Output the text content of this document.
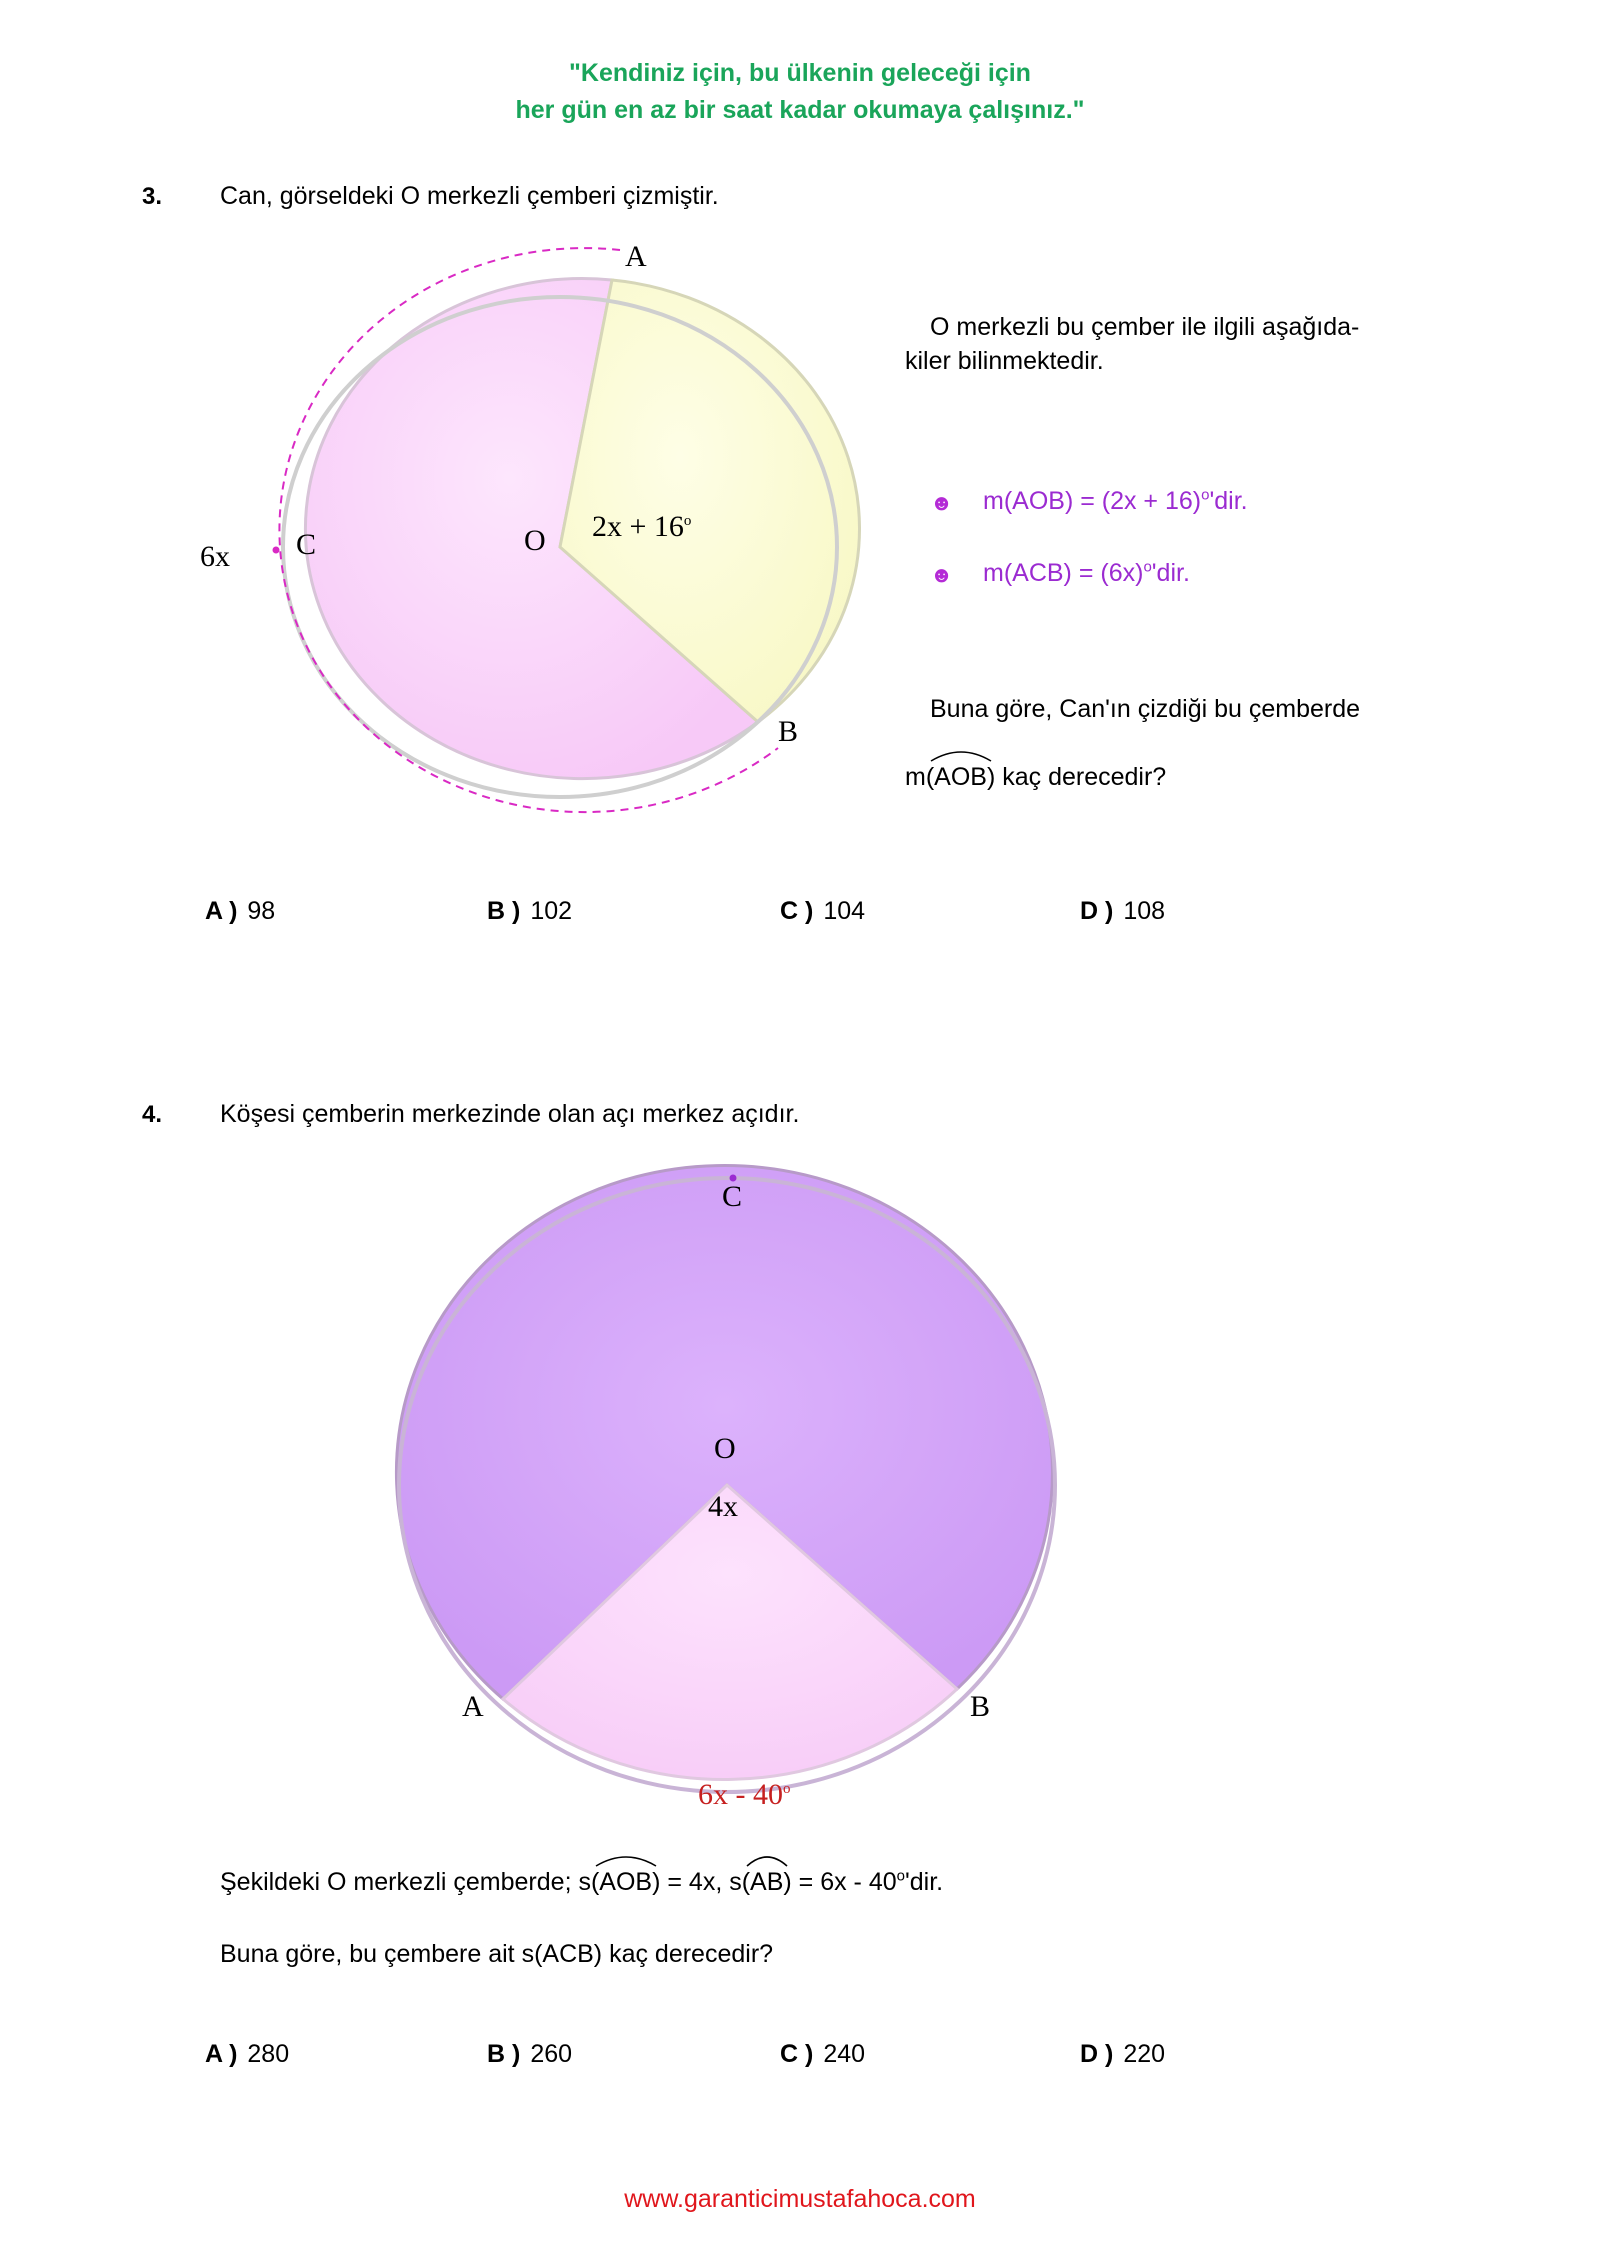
"Kendiniz için, bu ülkenin geleceği için
her gün en az bir saat kadar okumaya çalışınız."
3. Can, görseldeki O merkezli çemberi çizmiştir.
A
B
C
6x	O $2x + 16^o$
O merkezli bu çember ile ilgili aşağıda-
kiler bilinmektedir.
☻ $m(AOB) = (2x + 16)^o'dir$.
☻ $m(ACB) = (6x)^o'dir$.
Buna göre, Can'ın çizdiği bu çemberde
m(
AOB) kaç derecedir?
A ) 98	B ) 102	C ) 104	D ) 108
4. Köşesi çemberin merkezinde olan açı merkez açıdır.
C
O
4x
A	B
6x - 40$^o$
Şekildeki O merkezli çemberde; s(
AOB) = 4x, s(
AB) = 6x - 40$^o$'dir.
Buna göre, bu çembere ait s(ACB) kaç derecedir?
A ) 280	B ) 260	C ) 240	D ) 220
www.garanticimustafahoca.com
